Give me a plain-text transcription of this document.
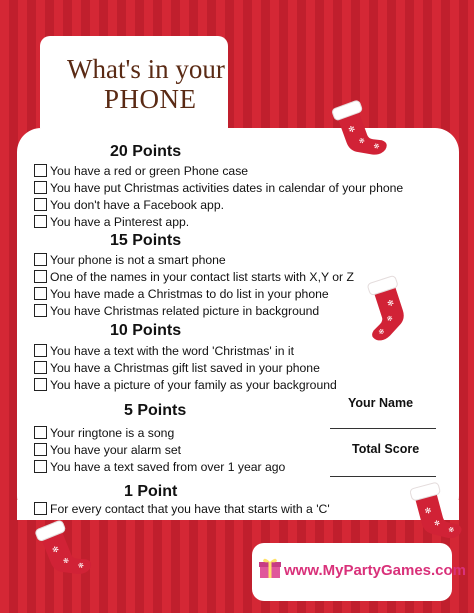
What's in your
PHONE
20 Points
You have a red or green Phone case
You have put Christmas activities dates in calendar of your phone
You don't have a Facebook app.
You have a Pinterest app.
15 Points
Your phone is not a smart phone
One of the names in your contact list starts with X,Y or Z
You have made a Christmas to do list in your phone
You have Christmas related picture in background
10 Points
You have a text with the word 'Christmas' in it
You have a Christmas gift list saved in your phone
You have a picture of your family as your background
5 Points
Your ringtone is a song
You have your alarm set
You have a text saved from over 1 year ago
1 Point
For every contact that you have that starts with a 'C'
Your Name
Total Score
✻
✻
✻
✻
✻
✻
✻
✻ ✻
✻
✻
✻
www.MyPartyGames.com
